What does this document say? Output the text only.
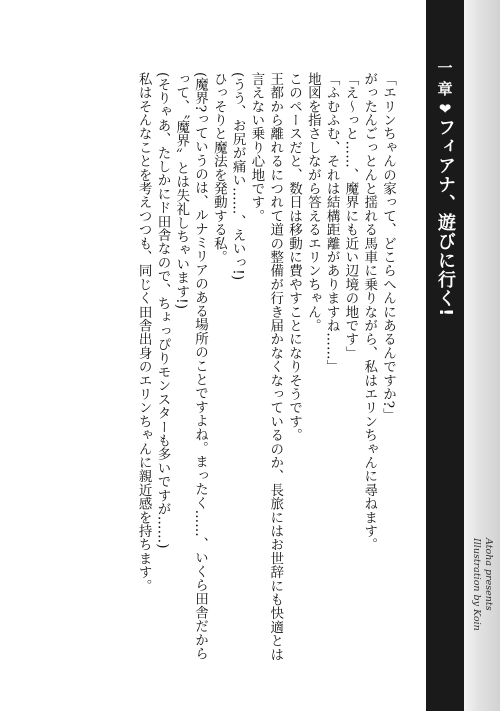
「エリンちゃんの家って、どこらへんにあるんですか?」

がったんごっとんと揺れる馬車に乗りながら、私はエリンちゃんに尋ねます。

「え〜っと……、魔界にも近い辺境の地です」

「ふむふむ、それは結構距離がありますね……」

地図を指さしながら答えるエリンちゃん。

このペースだと、数日は移動に費やすことになりそうです。

王都から離れるにつれて道の整備が行き届かなくなっているのか、長旅にはお世辞にも快適とは言えない乗り心地です。

(うう、お尻が痛い……、えいっ!)

ひっそりと魔法を発動する私。

(魔界?っていうのは、ルナミリアのある場所のことですよね。まったく……、いくら田舎だからって、〝魔界〟とは失礼しちゃいます!)

(そりゃあ、たしかにド田舎なので、ちょっぴりモンスターも多いですが……)

私はそんなことを考えつつも、同じく田舎出身のエリンちゃんに親近感を持ちます。

一
章
❤
フィアナ、遊びに行く!
Atoha presents
Illustration by Koin
